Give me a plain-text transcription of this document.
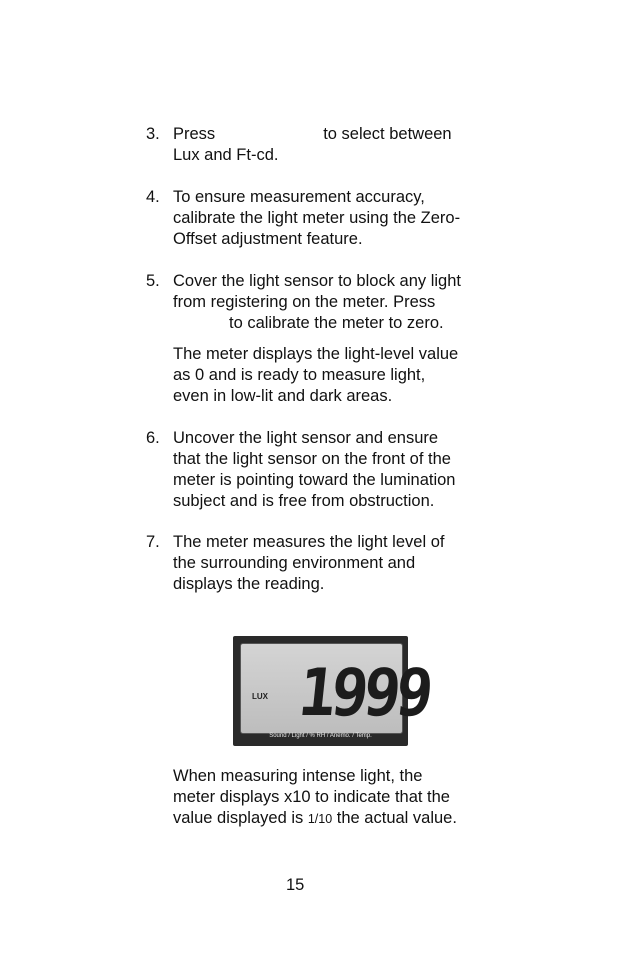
3. Press	to select between
Lux and Ft-cd.
4. To ensure measurement accuracy,
calibrate the light meter using the Zero-
Offset adjustment feature.
5. Cover the light sensor to block any light
from registering on the meter. Press
to calibrate the meter to zero.
The meter displays the light-level value
as 0 and is ready to measure light,
even in low-lit and dark areas.
6. Uncover the light sensor and ensure
that the light sensor on the front of the
meter is pointing toward the lumination
subject and is free from obstruction.
7. The meter measures the light level of
the surrounding environment and
displays the reading.
LUX 1999
Sound / Light / % RH / Anemo. / Temp.
When measuring intense light, the
meter displays x10 to indicate that the
value displayed is 1/10 the actual value.
15
